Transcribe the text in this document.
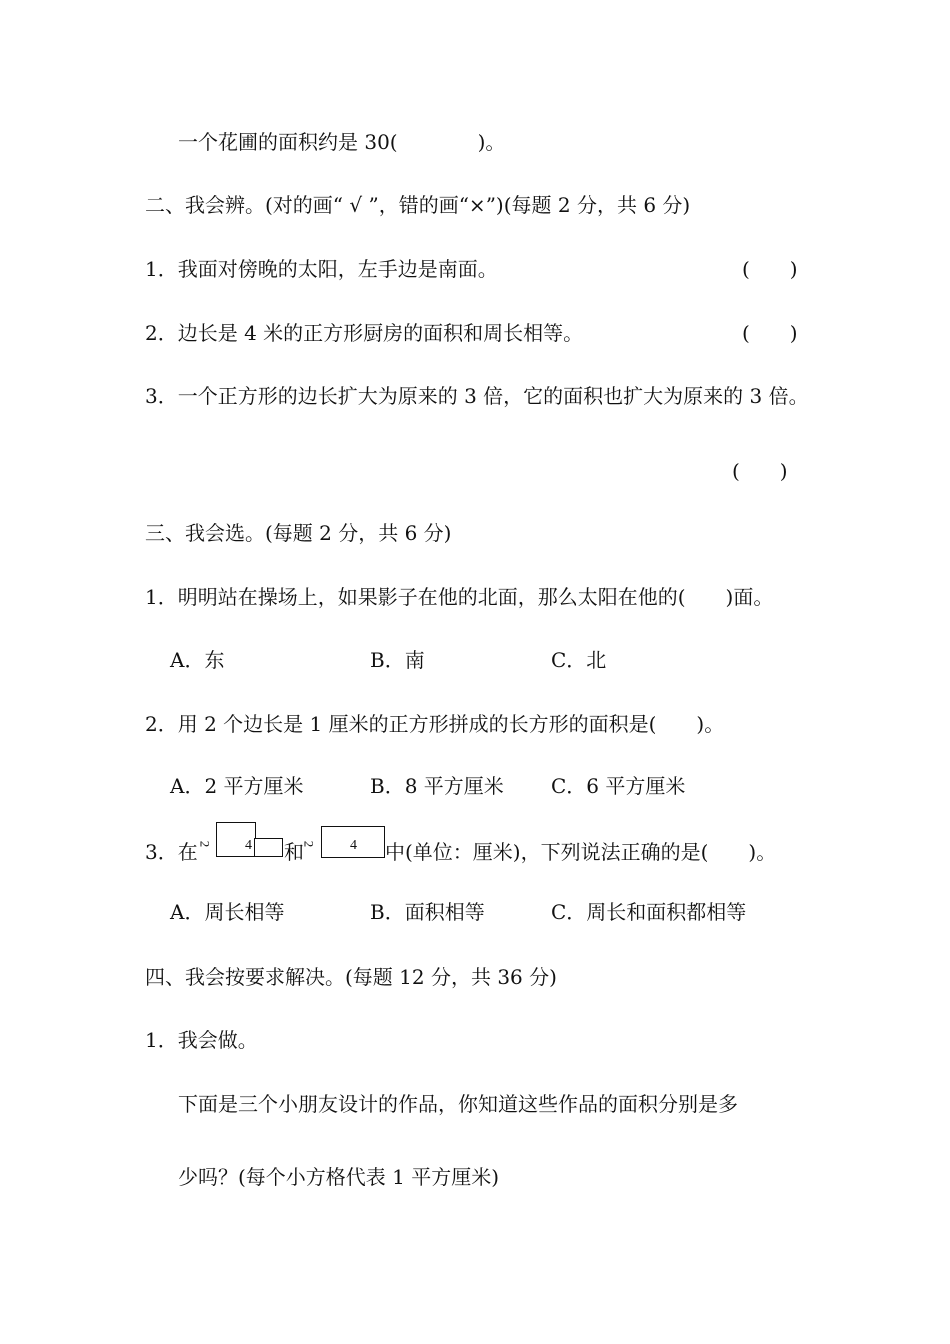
一个花圃的面积约是 30(　　　　)。
二、我会辨。(对的画“ √ ”，错的画“×”)(每题 2 分，共 6 分)
1．我面对傍晚的太阳，左手边是南面。	(　　)
2．边长是 4 米的正方形厨房的面积和周长相等。	(　　)
3．一个正方形的边长扩大为原来的 3 倍，它的面积也扩大为原来的 3 倍。
(　　)
三、我会选。(每题 2 分，共 6 分)
1．明明站在操场上，如果影子在他的北面，那么太阳在他的(　　)面。
A．东	B．南	C．北
2．用 2 个边长是 1 厘米的正方形拼成的长方形的面积是(　　)。
A．2 平方厘米	B．8 平方厘米 C．6 平方厘米
3．在 2 4 和
2 4 中(单位：厘米)，下列说法正确的是(　　)。
A．周长相等	B．面积相等	C．周长和面积都相等
四、我会按要求解决。(每题 12 分，共 36 分)
1．我会做。
下面是三个小朋友设计的作品，你知道这些作品的面积分别是多
少吗？(每个小方格代表 1 平方厘米)
